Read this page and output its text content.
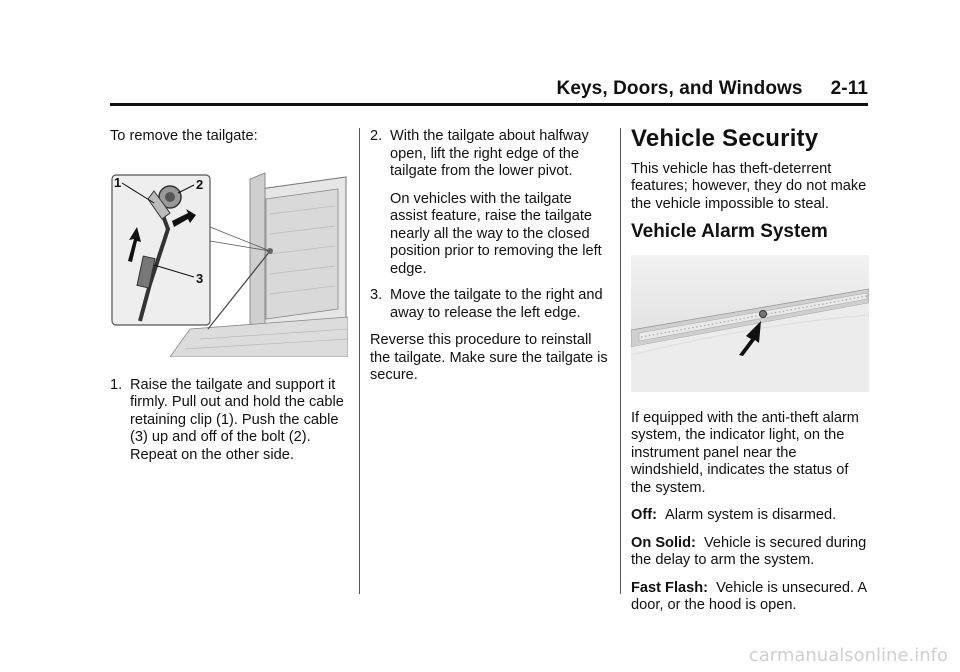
Keys, Doors, and Windows 2-11

To remove the tailgate:

1	2
3
1. Raise the tailgate and support it firmly. Pull out and hold the cable retaining clip (1). Push the cable (3) up and off of the bolt (2). Repeat on the other side.
2. With the tailgate about halfway open, lift the right edge of the tailgate from the lower pivot.
On vehicles with the tailgate assist feature, raise the tailgate nearly all the way to the closed position prior to removing the left edge.
3. Move the tailgate to the right and away to release the left edge.

Reverse this procedure to reinstall the tailgate. Make sure the tailgate is secure.

Vehicle Security

This vehicle has theft-deterrent features; however, they do not make the vehicle impossible to steal.

Vehicle Alarm System

If equipped with the anti-theft alarm system, the indicator light, on the instrument panel near the windshield, indicates the status of the system.

Off: Alarm system is disarmed.

On Solid: Vehicle is secured during the delay to arm the system.

Fast Flash: Vehicle is unsecured. A door, or the hood is open.

carmanualsonline.info
